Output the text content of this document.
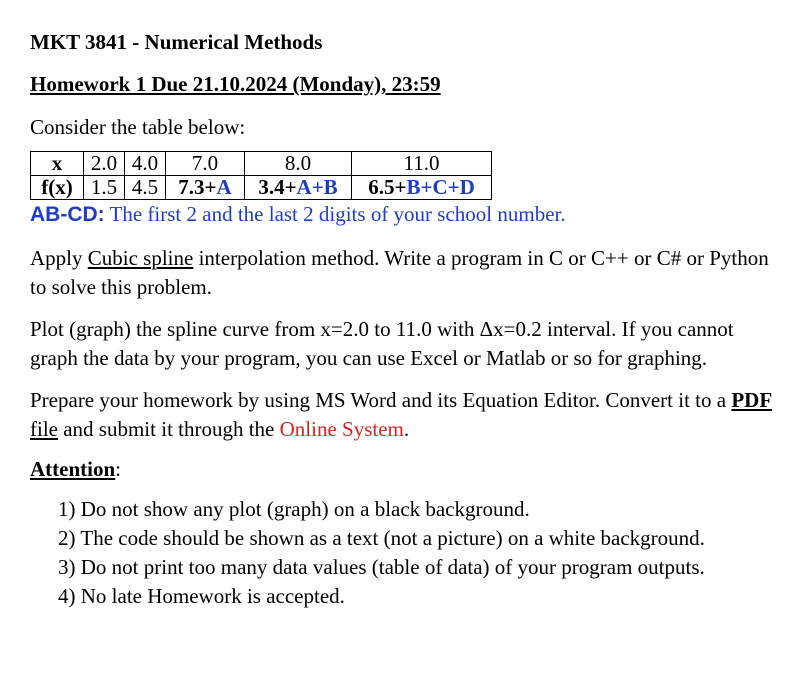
MKT 3841 - Numerical Methods
Homework 1 Due 21.10.2024 (Monday), 23:59
Consider the table below:
x	2.0	4.0	7.0	8.0	11.0
f(x)	1.5	4.5	7.3+A	3.4+A+B	6.5+B+C+D
AB-CD: The first 2 and the last 2 digits of your school number.
Apply Cubic spline interpolation method. Write a program in C or C++ or C# or Python to solve this problem.
Plot (graph) the spline curve from x=2.0 to 11.0 with Δx=0.2 interval. If you cannot graph the data by your program, you can use Excel or Matlab or so for graphing.
Prepare your homework by using MS Word and its Equation Editor. Convert it to a PDF file and submit it through the Online System.
Attention:
1) Do not show any plot (graph) on a black background.
2) The code should be shown as a text (not a picture) on a white background.
3) Do not print too many data values (table of data) of your program outputs.
4) No late Homework is accepted.
